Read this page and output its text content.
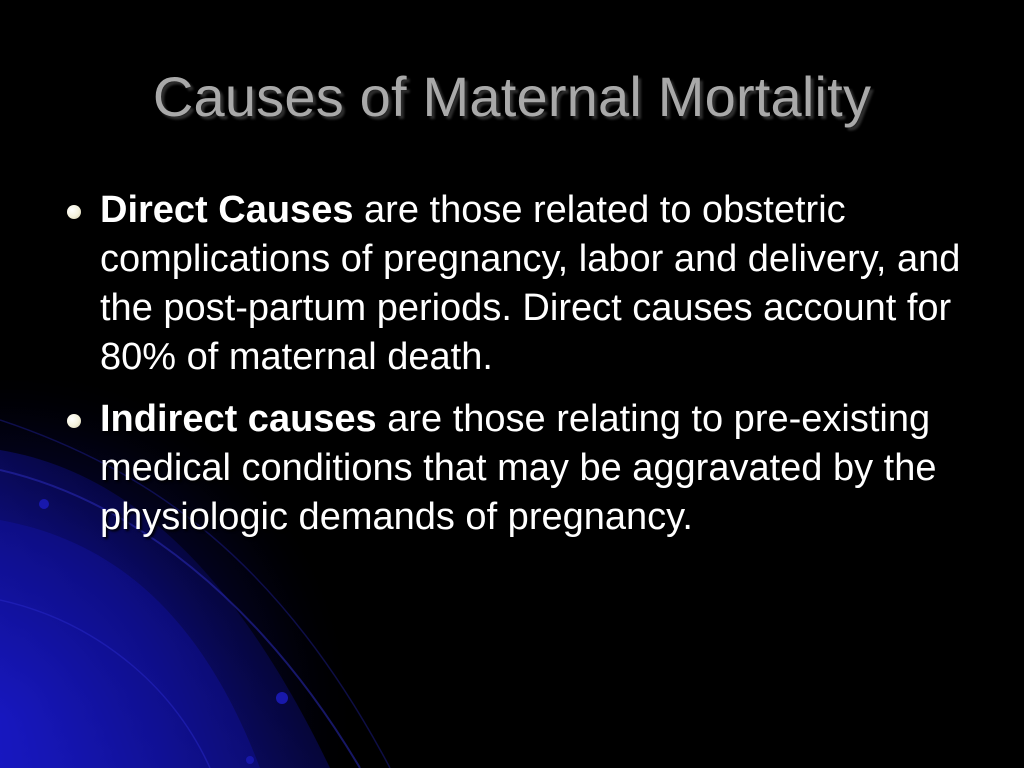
Causes of Maternal Mortality
Direct Causes are those related to obstetric complications of pregnancy, labor and delivery, and the post-partum periods. Direct causes account for 80% of maternal death.
Indirect causes are those relating to pre-existing medical conditions that may be aggravated by the physiologic demands of pregnancy.
